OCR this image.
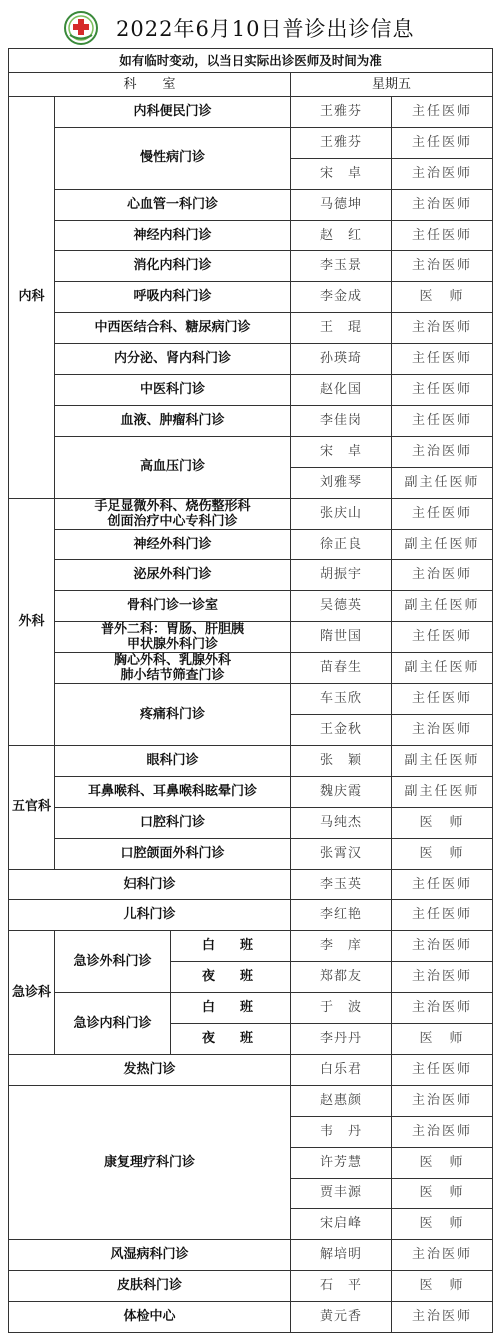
2022年6月10日普诊出诊信息
如有临时变动，以当日实际出诊医师及时间为准				
科　　室			星期五	
内科	内科便民门诊		王雅芬	主任医师
	慢性病门诊		王雅芬	主任医师
			宋　卓	主治医师
	心血管一科门诊		马德坤	主治医师
	神经内科门诊		赵　红	主任医师
	消化内科门诊		李玉景	主治医师
	呼吸内科门诊		李金成	医　师
	中西医结合科、糖尿病门诊		王　琨	主治医师
	内分泌、肾内科门诊		孙瑛琦	主任医师
	中医科门诊		赵化国	主任医师
	血液、肿瘤科门诊		李佳岗	主任医师
	高血压门诊		宋　卓	主治医师
			刘雅琴	副主任医师
外科	手足显微外科、烧伤整形科
创面治疗中心专科门诊		张庆山	主任医师
	神经外科门诊		徐正良	副主任医师
	泌尿外科门诊		胡振宇	主治医师
	骨科门诊一诊室		吴德英	副主任医师

	普外二科：胃肠、肝胆胰
甲状腺外科门诊		隋世国	主任医师

	胸心外科、乳腺外科
肺小结节筛查门诊		苗春生	副主任医师
	疼痛科门诊		车玉欣	主任医师
			王金秋	主治医师
五官科	眼科门诊		张　颖	副主任医师
	耳鼻喉科、耳鼻喉科眩晕门诊		魏庆霞	副主任医师
	口腔科门诊		马纯杰	医　师
	口腔颌面外科门诊		张霄汉	医　师
妇科门诊			李玉英	主任医师
儿科门诊			李红艳	主任医师
急诊科	急诊外科门诊	白　班	李　庠	主治医师
		夜　班	郑都友	主治医师
	急诊内科门诊	白　班	于　波	主治医师
		夜　班	李丹丹	医　师
发热门诊			白乐君	主任医师
康复理疗科门诊			赵惠颜	主治医师
			韦　丹	主治医师
			许芳慧	医　师
			贾丰源	医　师
			宋启峰	医　师
风湿病科门诊			解培明	主治医师
皮肤科门诊			石　平	医　师
体检中心			黄元香	主治医师
